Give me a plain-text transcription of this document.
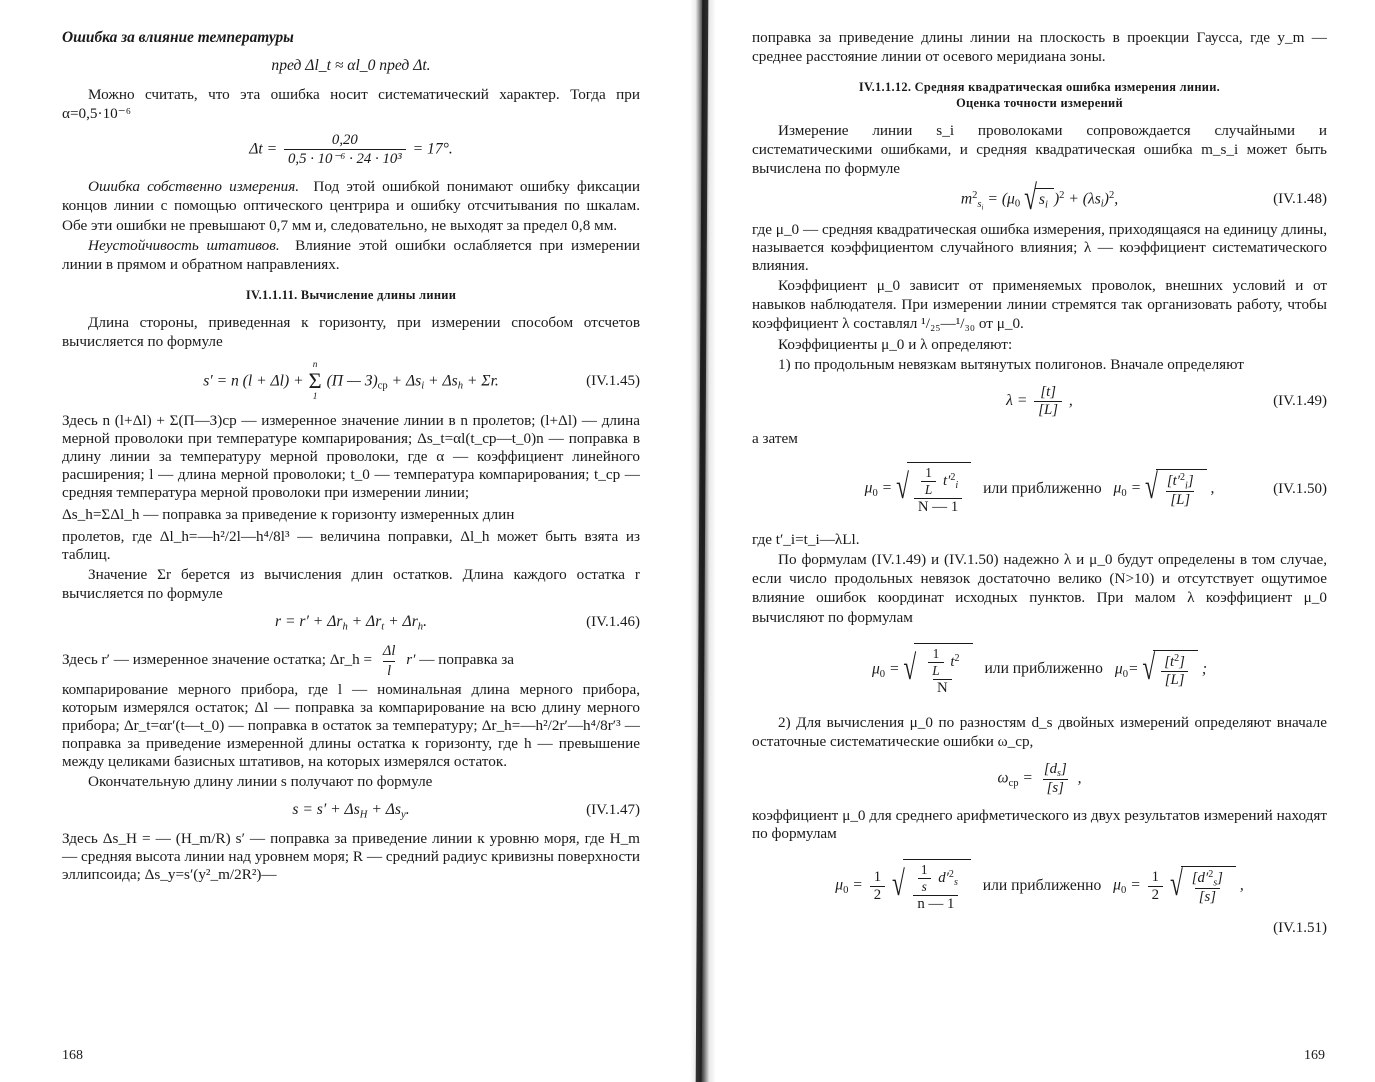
Ошибка за влияние температуры

пред Δl_t ≈ αl_0 пред Δt.

Можно считать, что эта ошибка носит систематический характер. Тогда при α=0,5·10⁻⁶

$\Delta t = \frac{0,20}{\text{0,5 · 10⁻⁶ · 24 · 10³}} = 17^\circ$.

Ошибка собственно измерения. Под этой ошибкой понимают ошибку фиксации концов линии с помощью оптического центрира и ошибку отсчитывания по шкалам. Обе эти ошибки не превышают 0,7 мм и, следовательно, не выходят за предел 0,8 мм.

Неустойчивость штативов. Влияние этой ошибки ослабляется при измерении линии в прямом и обратном направлениях.

IV.1.1.11. Вычисление длины линии

Длина стороны, приведенная к горизонту, при измерении способом отсчетов вычисляется по формуле

s′ = n (l + Δl) +
n
Σ
1
(П — $З)_{ср} + \Delta s_i + \Delta s_h + \Sigma r$.	(IV.1.45)

Здесь n (l+Δl) + Σ(П—З)ср — измеренное значение линии в n пролетов; (l+Δl) — длина мерной проволоки при температуре компарирования; Δs_t=αl(t_ср—t_0)n — поправка в длину линии за температуру мерной проволоки, где α — коэффициент линейного расширения; l — длина мерной проволоки; t_0 — температура компарирования; t_ср — средняя температура мерной проволоки при измерении линии;

Δs_h=ΣΔl_h — поправка за приведение к горизонту измеренных длин

пролетов, где Δl_h=—h²/2l—h⁴/8l³ — величина поправки, Δl_h может быть взята из таблиц.

Значение Σr берется из вычисления длин остатков. Длина каждого остатка r вычисляется по формуле

$r = r' + \Delta r_h + \Delta r_t + \Delta r_h$.	(IV.1.46)

Здесь r′ — измеренное значение остатка; Δr_h = $\frac{\Delta l}{l} r'$ — поправка за

компарирование мерного прибора, где l — номинальная длина мерного прибора, которым измерялся остаток; Δl — поправка за компарирование на всю длину мерного прибора; Δr_t=αr′(t—t_0) — поправка в остаток за температуру; Δr_h=—h²/2r′—h⁴/8r′³ — поправка за приведение измеренной длины остатка к горизонту, где h — превышение между целиками базисных штативов, на которых измерялся остаток.

Окончательную длину линии s получают по формуле

$s = s' + \Delta s_H + \Delta s_y$.	(IV.1.47)

Здесь Δs_H = — (H_m/R) s′ — поправка за приведение линии к уровню моря, где H_m — средняя высота линии над уровнем моря; R — средний радиус кривизны поверхности эллипсоида; Δs_y=s′(y²_m/2R²)—

168

поправка за приведение длины линии на плоскость в проекции Гаусса, где y_m — среднее расстояние линии от осевого меридиана зоны.

IV.1.1.12. Средняя квадратическая ошибка измерения линии.
Оценка точности измерений

Измерение линии s_i проволоками сопровождается случайными и систематическими ошибками, и средняя квадратическая ошибка m_s_i может быть вычислена по формуле

$m^2_{s_i} = (\mu_0$ √ $s_i$ )$^2 + (\lambda s_i)^2$,	(IV.1.48)

где μ_0 — средняя квадратическая ошибка измерения, приходящаяся на единицу длины, называется коэффициентом случайного влияния; λ — коэффициент систематического влияния.

Коэффициент μ_0 зависит от применяемых проволок, внешних условий и от навыков наблюдателя. При измерении линии стремятся так организовать работу, чтобы коэффициент λ составлял ¹/₂₅—¹/₃₀ от μ_0.

Коэффициенты μ_0 и λ определяют:

1) по продольным невязкам вытянутых полигонов. Вначале определяют

$\lambda = \frac{[t]}{[L]}$ ,	(IV.1.49)

а затем

$\mu_0$ = √ $\frac{\frac{1}{L} t'^2_i}{N — 1}$ или приближенно $\mu_0$ = √ $\frac{[t'^2_i]}{[L]}$ ,	(IV.1.50)

где t′_i=t_i—λLl.

По формулам (IV.1.49) и (IV.1.50) надежно λ и μ_0 будут определены в том случае, если число продольных невязок достаточно велико (N>10) и отсутствует ощутимое влияние ошибок координат исходных пунктов. При малом λ коэффициент μ_0 вычисляют по формулам

$\mu_0$ = √ $\frac{\frac{1}{L} t^2}{N}$ или приближенно $\mu_0=$ √ $\frac{[t^2]}{[L]}$ ;

2) Для вычисления μ_0 по разностям d_s двойных измерений определяют вначале остаточные систематические ошибки ω_ср,

$\omega_{ср} = \frac{[d_s]}{[s]}$ ,

коэффициент μ_0 для среднего арифметического из двух результатов измерений находят по формулам

$\mu_0 = \frac{1}{2}$
√ $\frac{\frac{1}{s} d'^2_s}{n — 1}$ или приближенно $\mu_0 = \frac{1}{2}$
√ $\frac{[d'^2_s]}{[s]}$ ,

(IV.1.51)

169
